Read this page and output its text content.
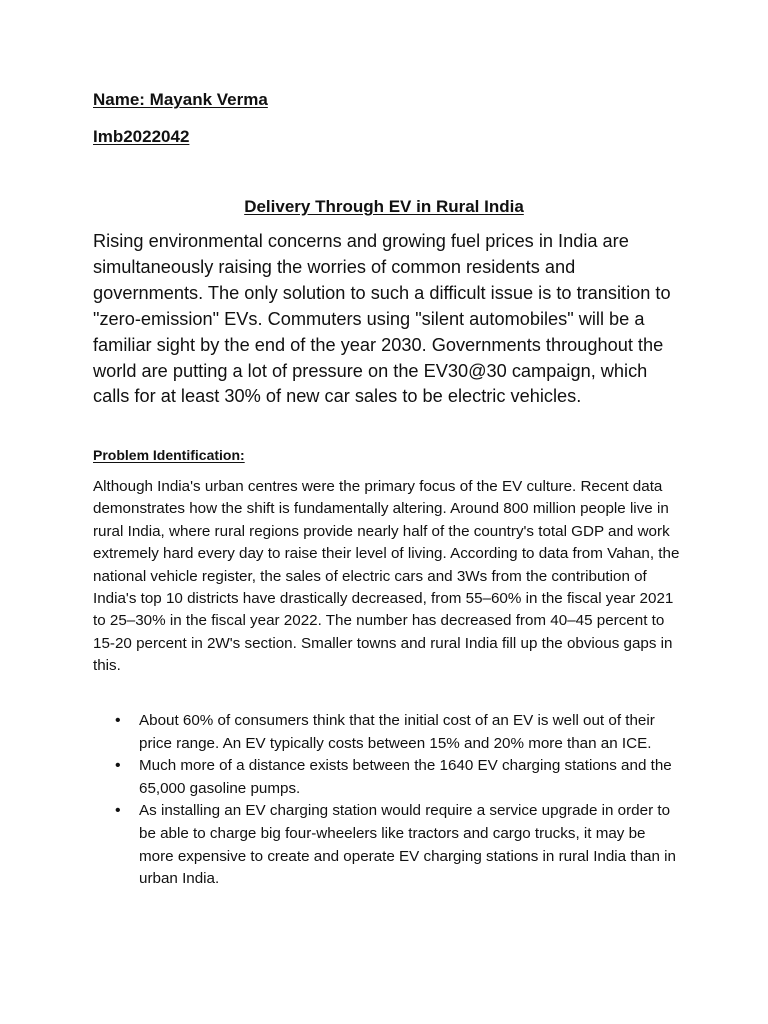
Name: Mayank Verma

Imb2022042

Delivery Through EV in Rural India

Rising environmental concerns and growing fuel prices in India are simultaneously raising the worries of common residents and governments. The only solution to such a difficult issue is to transition to "zero-emission" EVs. Commuters using "silent automobiles" will be a familiar sight by the end of the year 2030. Governments throughout the world are putting a lot of pressure on the EV30@30 campaign, which calls for at least 30% of new car sales to be electric vehicles.

Problem Identification:

Although India's urban centres were the primary focus of the EV culture. Recent data demonstrates how the shift is fundamentally altering. Around 800 million people live in rural India, where rural regions provide nearly half of the country's total GDP and work extremely hard every day to raise their level of living. According to data from Vahan, the national vehicle register, the sales of electric cars and 3Ws from the contribution of India's top 10 districts have drastically decreased, from 55–60% in the fiscal year 2021 to 25–30% in the fiscal year 2022. The number has decreased from 40–45 percent to 15-20 percent in 2W's section. Smaller towns and rural India fill up the obvious gaps in this.

• About 60% of consumers think that the initial cost of an EV is well out of their price range. An EV typically costs between 15% and 20% more than an ICE.
• Much more of a distance exists between the 1640 EV charging stations and the 65,000 gasoline pumps.
• As installing an EV charging station would require a service upgrade in order to be able to charge big four-wheelers like tractors and cargo trucks, it may be more expensive to create and operate EV charging stations in rural India than in urban India.
